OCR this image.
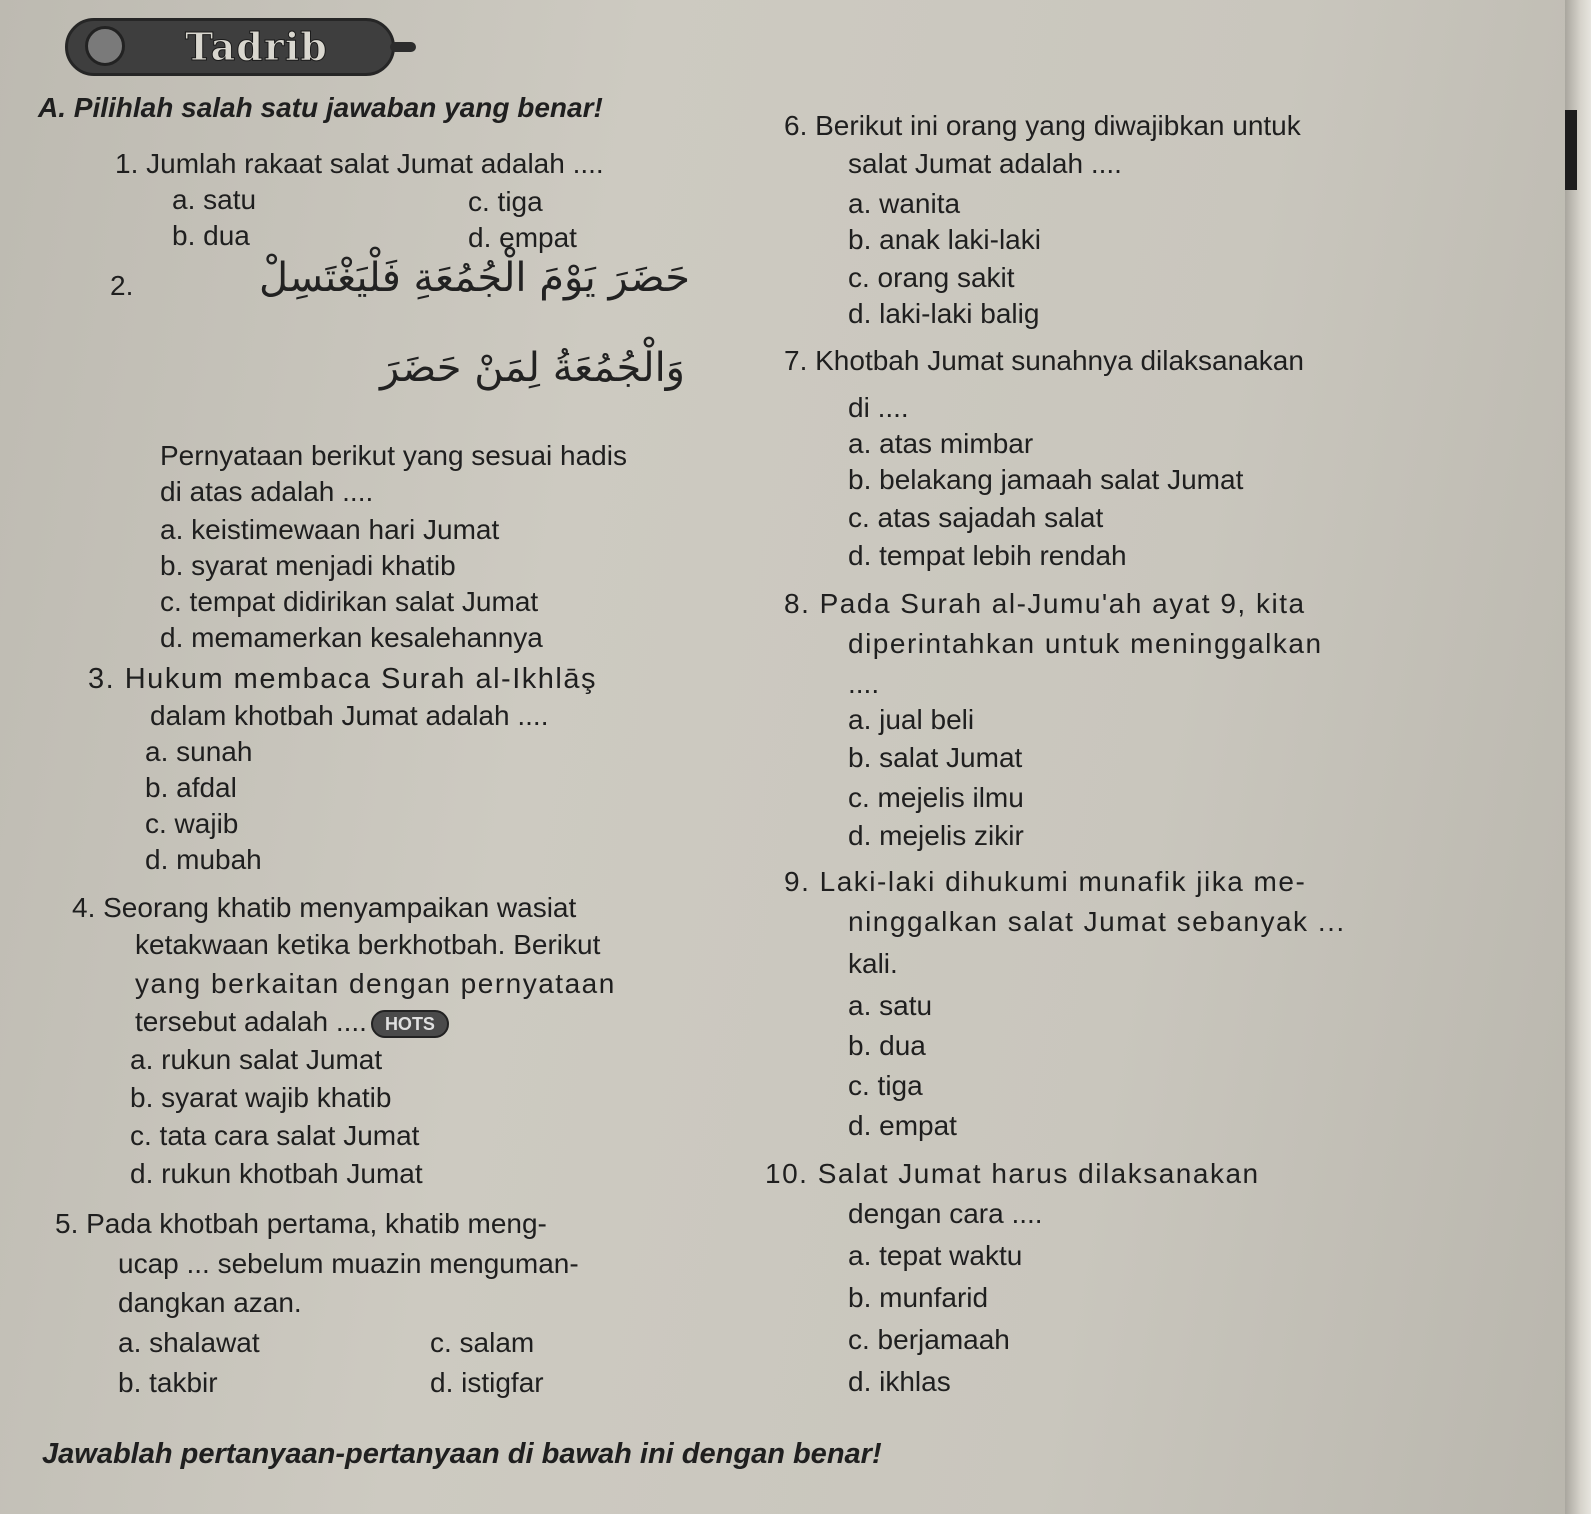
Tadrib
A. Pilihlah salah satu jawaban yang benar!
1. Jumlah rakaat salat Jumat adalah ....
a. satu
b. dua
c. tiga
d. empat
2.	حَضَرَ يَوْمَ الْجُمُعَةِ فَلْيَغْتَسِلْ
وَالْجُمُعَةُ لِمَنْ حَضَرَ
Pernyataan berikut yang sesuai hadis
di atas adalah ....
a. keistimewaan hari Jumat
b. syarat menjadi khatib
c. tempat didirikan salat Jumat
d. memamerkan kesalehannya
3. Hukum membaca Surah al-Ikhlāş
dalam khotbah Jumat adalah ....
a. sunah
b. afdal
c. wajib
d. mubah
4. Seorang khatib menyampaikan wasiat
ketakwaan ketika berkhotbah. Berikut
yang berkaitan dengan pernyataan
tersebut adalah .... HOTS
a. rukun salat Jumat
b. syarat wajib khatib
c. tata cara salat Jumat
d. rukun khotbah Jumat
5. Pada khotbah pertama, khatib meng-
ucap ... sebelum muazin menguman-
dangkan azan.
a. shalawat
b. takbir
c. salam
d. istigfar
6. Berikut ini orang yang diwajibkan untuk
salat Jumat adalah ....
a. wanita
b. anak laki-laki
c. orang sakit
d. laki-laki balig
7. Khotbah Jumat sunahnya dilaksanakan
di ....
a. atas mimbar
b. belakang jamaah salat Jumat
c. atas sajadah salat
d. tempat lebih rendah
8. Pada Surah al-Jumu'ah ayat 9, kita
diperintahkan untuk meninggalkan
....
a. jual beli
b. salat Jumat
c. mejelis ilmu
d. mejelis zikir
9. Laki-laki dihukumi munafik jika me-
ninggalkan salat Jumat sebanyak ...
kali.
a. satu
b. dua
c. tiga
d. empat
10. Salat Jumat harus dilaksanakan
dengan cara ....
a. tepat waktu
b. munfarid
c. berjamaah
d. ikhlas
Jawablah pertanyaan-pertanyaan di bawah ini dengan benar!
